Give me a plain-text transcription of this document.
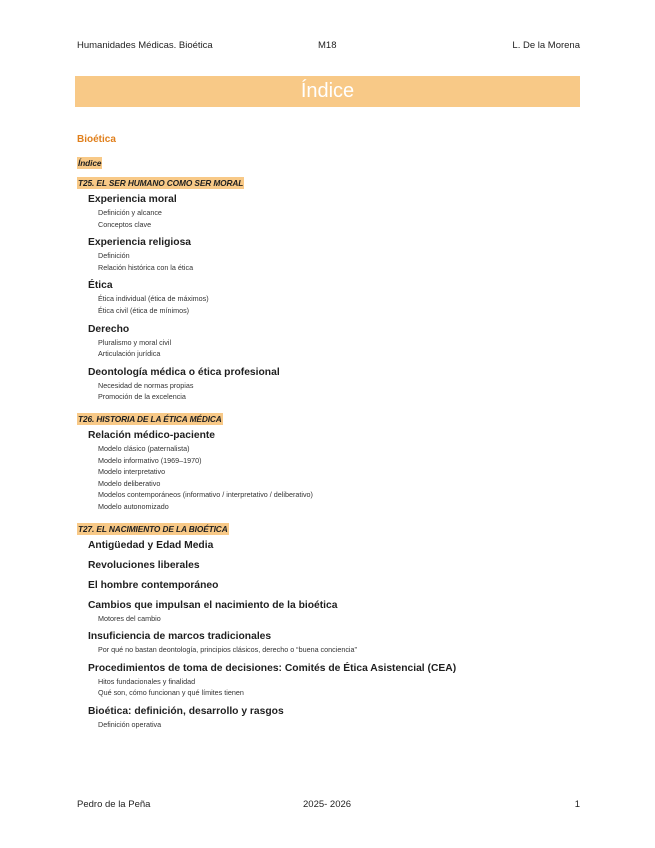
Humanidades Médicas. Bioética	M18	L. De la Morena
Índice
Bioética
Índice
T25. EL SER HUMANO COMO SER MORAL
Experiencia moral
Definición y alcance
Conceptos clave
Experiencia religiosa
Definición
Relación histórica con la ética
Ética
Ética individual (ética de máximos)
Ética civil (ética de mínimos)
Derecho
Pluralismo y moral civil
Articulación jurídica
Deontología médica o ética profesional
Necesidad de normas propias
Promoción de la excelencia
T26. HISTORIA DE LA ÉTICA MÉDICA
Relación médico-paciente
Modelo clásico (paternalista)
Modelo informativo (1969–1970)
Modelo interpretativo
Modelo deliberativo
Modelos contemporáneos (informativo / interpretativo / deliberativo)
Modelo autonomizado
T27. EL NACIMIENTO DE LA BIOÉTICA
Antigüedad y Edad Media
Revoluciones liberales
El hombre contemporáneo
Cambios que impulsan el nacimiento de la bioética
Motores del cambio
Insuficiencia de marcos tradicionales
Por qué no bastan deontología, principios clásicos, derecho o “buena conciencia”
Procedimientos de toma de decisiones: Comités de Ética Asistencial (CEA)
Hitos fundacionales y finalidad
Qué son, cómo funcionan y qué límites tienen
Bioética: definición, desarrollo y rasgos
Definición operativa
Pedro de la Peña	2025- 2026	1
